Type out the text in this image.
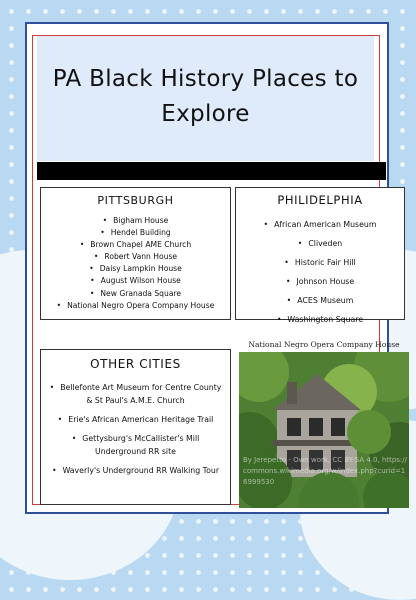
PA Black History Places to
Explore
PITTSBURGH
• Bigham House
• Hendel Building
• Brown Chapel AME Church
• Robert Vann House
• Daisy Lampkin House
• August Wilson House
• New Granada Square
• National Negro Opera Company House
PHILIDELPHIA
• African American Museum
• Cliveden
• Historic Fair Hill
• Johnson House
• ACES Museum
• Washington Square
OTHER CITIES
• Bellefonte Art Museum for Centre County & St Paul's A.M.E. Church
• Erie's African American Heritage Trail
• Gettysburg's McCallister's Mill Underground RR site
• Waverly's Underground RR Walking Tour
National Negro Opera Company House
By Jerepetto - Own work, CC BY-SA 4.0, https://commons.wikimedia.org/w/index.php?curid=16999530
